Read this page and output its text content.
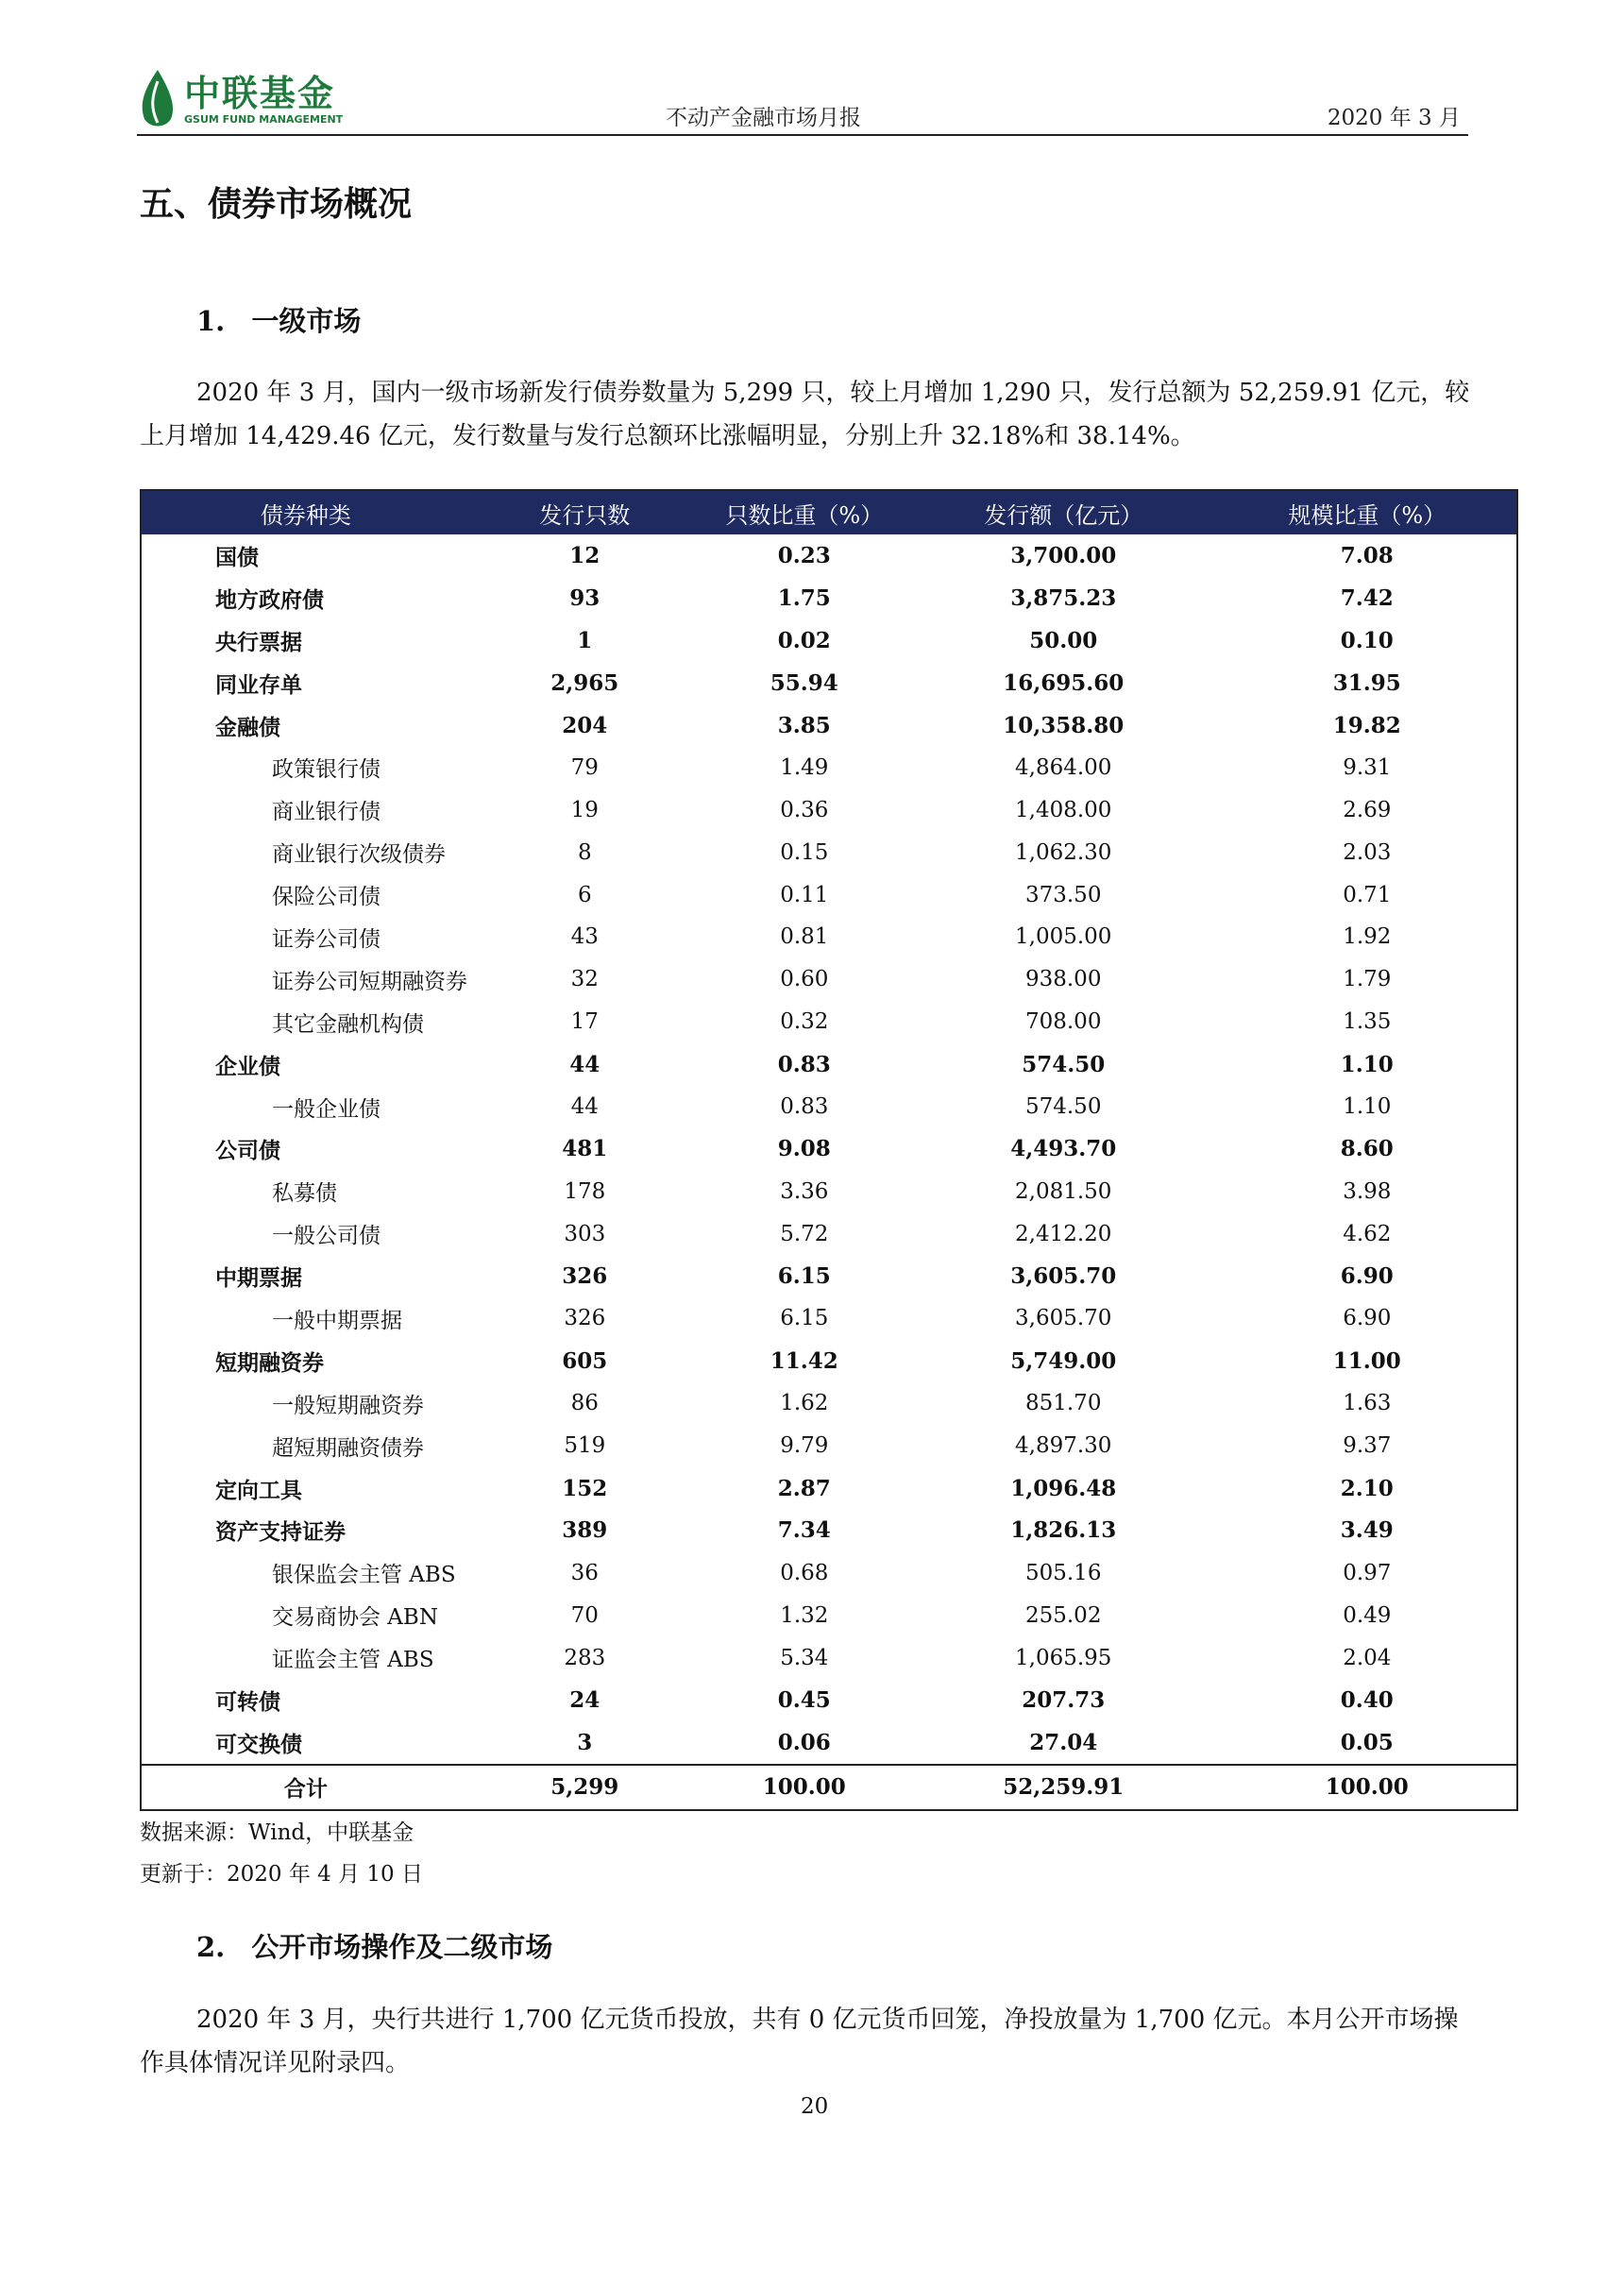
中联基金
GSUM FUND MANAGEMENT	不动产金融市场月报	2020 年 3 月
五、债券市场概况
1. 一级市场
2020 年 3 月，国内一级市场新发行债券数量为 5,299 只，较上月增加 1,290 只，发行总额为 52,259.91 亿元，较上月增加 14,429.46 亿元，发行数量与发行总额环比涨幅明显，分别上升 32.18%和 38.14%。
债券种类	发行只数	只数比重（%）	发行额（亿元）	规模比重（%）
国债	12	0.23	3,700.00	7.08
地方政府债	93	1.75	3,875.23	7.42
央行票据	1	0.02	50.00	0.10
同业存单	2,965	55.94	16,695.60	31.95
金融债	204	3.85	10,358.80	19.82
政策银行债	79	1.49	4,864.00	9.31
商业银行债	19	0.36	1,408.00	2.69
商业银行次级债券	8	0.15	1,062.30	2.03
保险公司债	6	0.11	373.50	0.71
证券公司债	43	0.81	1,005.00	1.92
证券公司短期融资券	32	0.60	938.00	1.79
其它金融机构债	17	0.32	708.00	1.35
企业债	44	0.83	574.50	1.10
一般企业债	44	0.83	574.50	1.10
公司债	481	9.08	4,493.70	8.60
私募债	178	3.36	2,081.50	3.98
一般公司债	303	5.72	2,412.20	4.62
中期票据	326	6.15	3,605.70	6.90
一般中期票据	326	6.15	3,605.70	6.90
短期融资券	605	11.42	5,749.00	11.00
一般短期融资券	86	1.62	851.70	1.63
超短期融资债券	519	9.79	4,897.30	9.37
定向工具	152	2.87	1,096.48	2.10
资产支持证券	389	7.34	1,826.13	3.49
银保监会主管 ABS	36	0.68	505.16	0.97
交易商协会 ABN	70	1.32	255.02	0.49
证监会主管 ABS	283	5.34	1,065.95	2.04
可转债	24	0.45	207.73	0.40
可交换债	3	0.06	27.04	0.05
合计	5,299	100.00	52,259.91	100.00
数据来源：Wind，中联基金
更新于：2020 年 4 月 10 日
2. 公开市场操作及二级市场
2020 年 3 月，央行共进行 1,700 亿元货币投放，共有 0 亿元货币回笼，净投放量为 1,700 亿元。本月公开市场操作具体情况详见附录四。
20
